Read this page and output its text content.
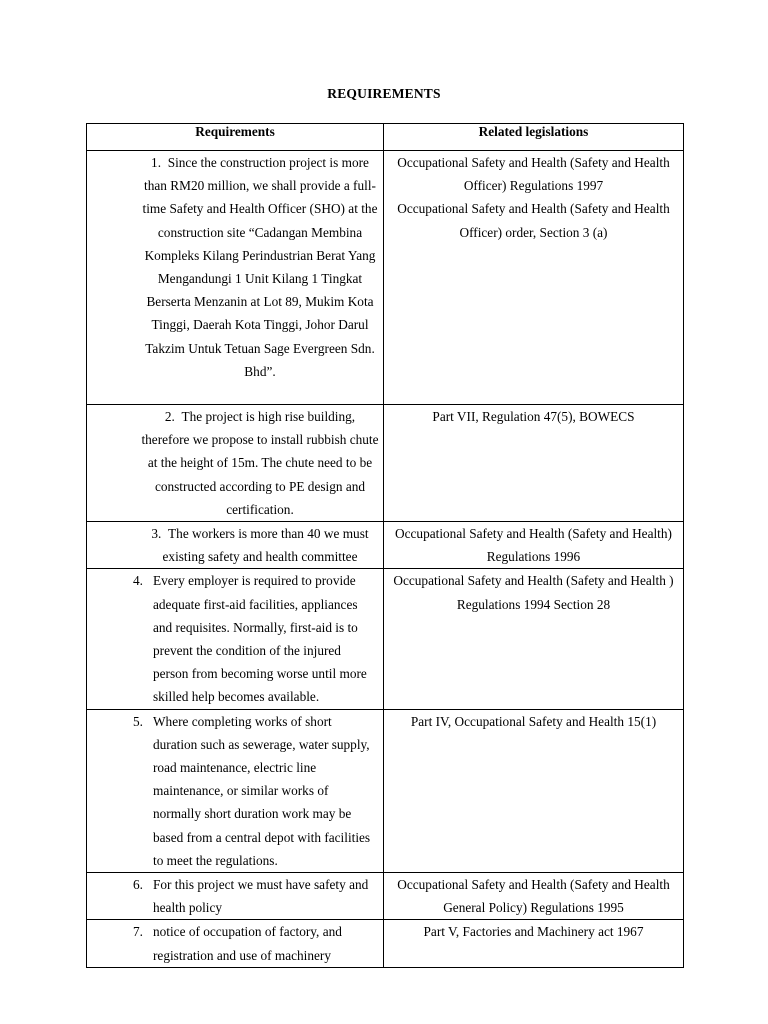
REQUIREMENTS
Requirements	Related legislations

1. Since the construction project is more than RM20 million, we shall provide a full-time Safety and Health Officer (SHO) at the construction site “Cadangan Membina Kompleks Kilang Perindustrian Berat Yang Mengandungi 1 Unit Kilang 1 Tingkat Berserta Menzanin at Lot 89, Mukim Kota Tinggi, Daerah Kota Tinggi, Johor Darul Takzim Untuk Tetuan Sage Evergreen Sdn. Bhd”.	Occupational Safety and Health (Safety and Health Officer) Regulations 1997
Occupational Safety and Health (Safety and Health Officer) order, Section 3 (a)

2. The project is high rise building, therefore we propose to install rubbish chute at the height of 15m. The chute need to be constructed according to PE design and certification.	Part VII, Regulation 47(5), BOWECS

3. The workers is more than 40 we must existing safety and health committee	Occupational Safety and Health (Safety and Health) Regulations 1996

4. Every employer is required to provide adequate first-aid facilities, appliances and requisites. Normally, first-aid is to prevent the condition of the injured person from becoming worse until more skilled help becomes available.	Occupational Safety and Health (Safety and Health ) Regulations 1994 Section 28

5. Where completing works of short duration such as sewerage, water supply, road maintenance, electric line maintenance, or similar works of normally short duration work may be based from a central depot with facilities to meet the regulations.	Part IV, Occupational Safety and Health 15(1)

6. For this project we must have safety and health policy	Occupational Safety and Health (Safety and Health General Policy) Regulations 1995

7. notice of occupation of factory, and registration and use of machinery	Part V, Factories and Machinery act 1967
